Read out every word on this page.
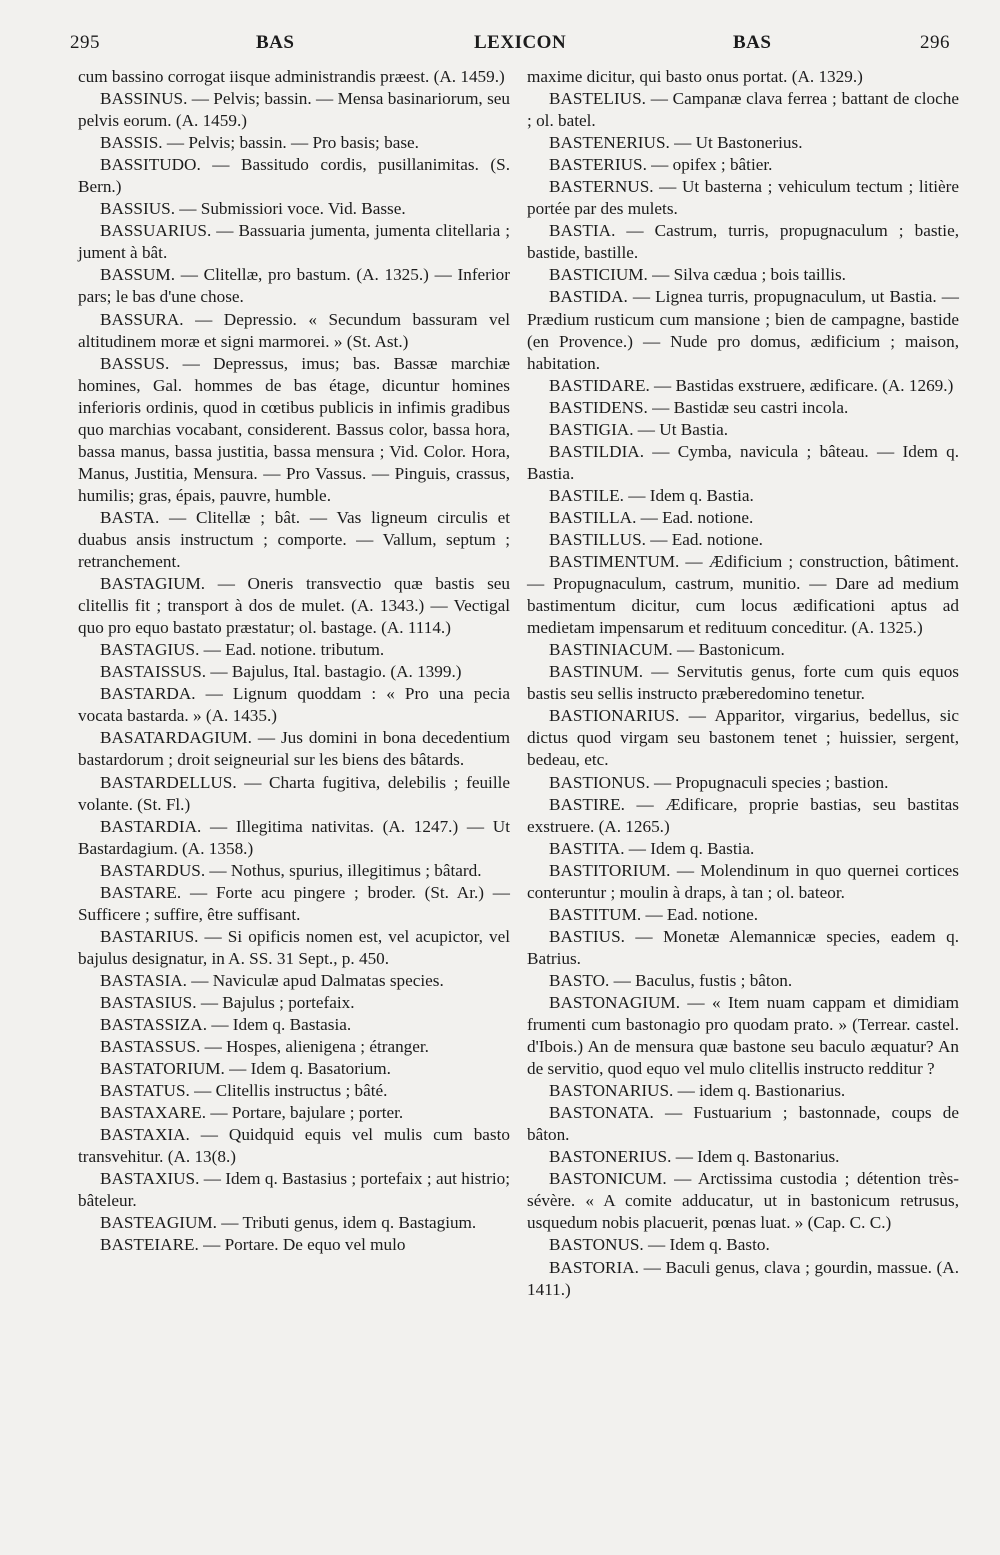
295	BAS	LEXICON	BAS	296

cum bassino corrogat iisque administrandis præest. (A. 1459.)

BASSINUS. — Pelvis; bassin. — Mensa basinariorum, seu pelvis eorum. (A. 1459.)

BASSIS. — Pelvis; bassin. — Pro basis; base.

BASSITUDO. — Bassitudo cordis, pusillanimitas. (S. Bern.)

BASSIUS. — Submissiori voce. Vid. Basse.

BASSUARIUS. — Bassuaria jumenta, jumenta clitellaria ; jument à bât.

BASSUM. — Clitellæ, pro bastum. (A. 1325.) — Inferior pars; le bas d'une chose.

BASSURA. — Depressio. « Secundum bassuram vel altitudinem moræ et signi marmorei. » (St. Ast.)

BASSUS. — Depressus, imus; bas. Bassæ marchiæ homines, Gal. hommes de bas étage, dicuntur homines inferioris ordinis, quod in cœtibus publicis in infimis gradibus quo marchias vocabant, considerent. Bassus color, bassa hora, bassa manus, bassa justitia, bassa mensura ; Vid. Color. Hora, Manus, Justitia, Mensura. — Pro Vassus. — Pinguis, crassus, humilis; gras, épais, pauvre, humble.

BASTA. — Clitellæ ; bât. — Vas ligneum circulis et duabus ansis instructum ; comporte. — Vallum, septum ; retranchement.

BASTAGIUM. — Oneris transvectio quæ bastis seu clitellis fit ; transport à dos de mulet. (A. 1343.) — Vectigal quo pro equo bastato præstatur; ol. bastage. (A. 1114.)

BASTAGIUS. — Ead. notione. tributum.

BASTAISSUS. — Bajulus, Ital. bastagio. (A. 1399.)

BASTARDA. — Lignum quoddam : « Pro una pecia vocata bastarda. » (A. 1435.)

BASATARDAGIUM. — Jus domini in bona decedentium bastardorum ; droit seigneurial sur les biens des bâtards.

BASTARDELLUS. — Charta fugitiva, delebilis ; feuille volante. (St. Fl.)

BASTARDIA. — Illegitima nativitas. (A. 1247.) — Ut Bastardagium. (A. 1358.)

BASTARDUS. — Nothus, spurius, illegitimus ; bâtard.

BASTARE. — Forte acu pingere ; broder. (St. Ar.) — Sufficere ; suffire, être suffisant.

BASTARIUS. — Si opificis nomen est, vel acupictor, vel bajulus designatur, in A. SS. 31 Sept., p. 450.

BASTASIA. — Naviculæ apud Dalmatas species.

BASTASIUS. — Bajulus ; portefaix.

BASTASSIZA. — Idem q. Bastasia.

BASTASSUS. — Hospes, alienigena ; étranger.

BASTATORIUM. — Idem q. Basatorium.

BASTATUS. — Clitellis instructus ; bâté.

BASTAXARE. — Portare, bajulare ; porter.

BASTAXIA. — Quidquid equis vel mulis cum basto transvehitur. (A. 13(8.)

BASTAXIUS. — Idem q. Bastasius ; portefaix ; aut histrio; bâteleur.

BASTEAGIUM. — Tributi genus, idem q. Bastagium.

BASTEIARE. — Portare. De equo vel mulo

maxime dicitur, qui basto onus portat. (A. 1329.)

BASTELIUS. — Campanæ clava ferrea ; battant de cloche ; ol. batel.

BASTENERIUS. — Ut Bastonerius.

BASTERIUS. — opifex ; bâtier.

BASTERNUS. — Ut basterna ; vehiculum tectum ; litière portée par des mulets.

BASTIA. — Castrum, turris, propugnaculum ; bastie, bastide, bastille.

BASTICIUM. — Silva cædua ; bois taillis.

BASTIDA. — Lignea turris, propugnaculum, ut Bastia. — Prædium rusticum cum mansione ; bien de campagne, bastide (en Provence.) — Nude pro domus, ædificium ; maison, habitation.

BASTIDARE. — Bastidas exstruere, ædificare. (A. 1269.)

BASTIDENS. — Bastidæ seu castri incola.

BASTIGIA. — Ut Bastia.

BASTILDIA. — Cymba, navicula ; bâteau. — Idem q. Bastia.

BASTILE. — Idem q. Bastia.

BASTILLA. — Ead. notione.

BASTILLUS. — Ead. notione.

BASTIMENTUM. — Ædificium ; construction, bâtiment. — Propugnaculum, castrum, munitio. — Dare ad medium bastimentum dicitur, cum locus ædificationi aptus ad medietam impensarum et redituum conceditur. (A. 1325.)

BASTINIACUM. — Bastonicum.

BASTINUM. — Servitutis genus, forte cum quis equos bastis seu sellis instructo præberedomino tenetur.

BASTIONARIUS. — Apparitor, virgarius, bedellus, sic dictus quod virgam seu bastonem tenet ; huissier, sergent, bedeau, etc.

BASTIONUS. — Propugnaculi species ; bastion.

BASTIRE. — Ædificare, proprie bastias, seu bastitas exstruere. (A. 1265.)

BASTITA. — Idem q. Bastia.

BASTITORIUM. — Molendinum in quo quernei cortices conteruntur ; moulin à draps, à tan ; ol. bateor.

BASTITUM. — Ead. notione.

BASTIUS. — Monetæ Alemannicæ species, eadem q. Batrius.

BASTO. — Baculus, fustis ; bâton.

BASTONAGIUM. — « Item nuam cappam et dimidiam frumenti cum bastonagio pro quodam prato. » (Terrear. castel. d'Ibois.) An de mensura quæ bastone seu baculo æquatur? An de servitio, quod equo vel mulo clitellis instructo redditur ?

BASTONARIUS. — idem q. Bastionarius.

BASTONATA. — Fustuarium ; bastonnade, coups de bâton.

BASTONERIUS. — Idem q. Bastonarius.

BASTONICUM. — Arctissima custodia ; détention très-sévère. « A comite adducatur, ut in bastonicum retrusus, usquedum nobis placuerit, pœnas luat. » (Cap. C. C.)

BASTONUS. — Idem q. Basto.

BASTORIA. — Baculi genus, clava ; gourdin, massue. (A. 1411.)
